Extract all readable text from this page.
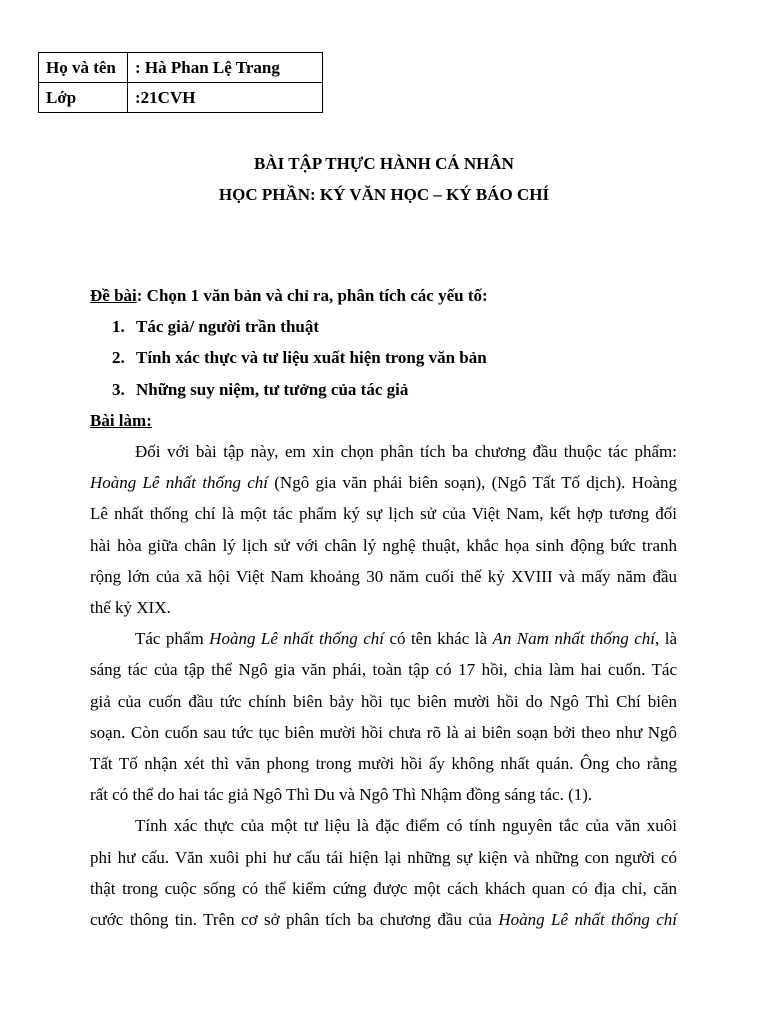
Họ và tên	: Hà Phan Lệ Trang
Lớp	:21CVH
BÀI TẬP THỰC HÀNH CÁ NHÂN
HỌC PHẦN: KÝ VĂN HỌC – KÝ BÁO CHÍ
Đề bài: Chọn 1 văn bản và chỉ ra, phân tích các yếu tố:
1. Tác giả/ người trần thuật
2. Tính xác thực và tư liệu xuất hiện trong văn bản
3. Những suy niệm, tư tưởng của tác giả
Bài làm:
Đối với bài tập này, em xin chọn phân tích ba chương đầu thuộc tác phẩm:
Hoàng Lê nhất thống chí (Ngô gia văn phái biên soạn), (Ngô Tất Tố dịch). Hoàng
Lê nhất thống chí là một tác phẩm ký sự lịch sử của Việt Nam, kết hợp tương đối
hài hòa giữa chân lý lịch sử với chân lý nghệ thuật, khắc họa sinh động bức tranh
rộng lớn của xã hội Việt Nam khoảng 30 năm cuối thế kỷ XVIII và mấy năm đầu
thế kỷ XIX.
Tác phẩm Hoàng Lê nhất thống chí có tên khác là An Nam nhất thống chí, là
sáng tác của tập thể Ngô gia văn phái, toàn tập có 17 hồi, chia làm hai cuốn. Tác
giả của cuốn đầu tức chính biên bảy hồi tục biên mười hồi do Ngô Thì Chí biên
soạn. Còn cuốn sau tức tục biên mười hồi chưa rõ là ai biên soạn bởi theo như Ngô
Tất Tố nhận xét thì văn phong trong mười hồi ấy không nhất quán. Ông cho rằng
rất có thể do hai tác giả Ngô Thì Du và Ngô Thì Nhậm đồng sáng tác. (1).
Tính xác thực của một tư liệu là đặc điểm có tính nguyên tắc của văn xuôi
phi hư cấu. Văn xuôi phi hư cấu tái hiện lại những sự kiện và những con người có
thật trong cuộc sống có thể kiểm cứng được một cách khách quan có địa chỉ, căn
cước thông tin. Trên cơ sở phân tích ba chương đầu của Hoàng Lê nhất thống chí
